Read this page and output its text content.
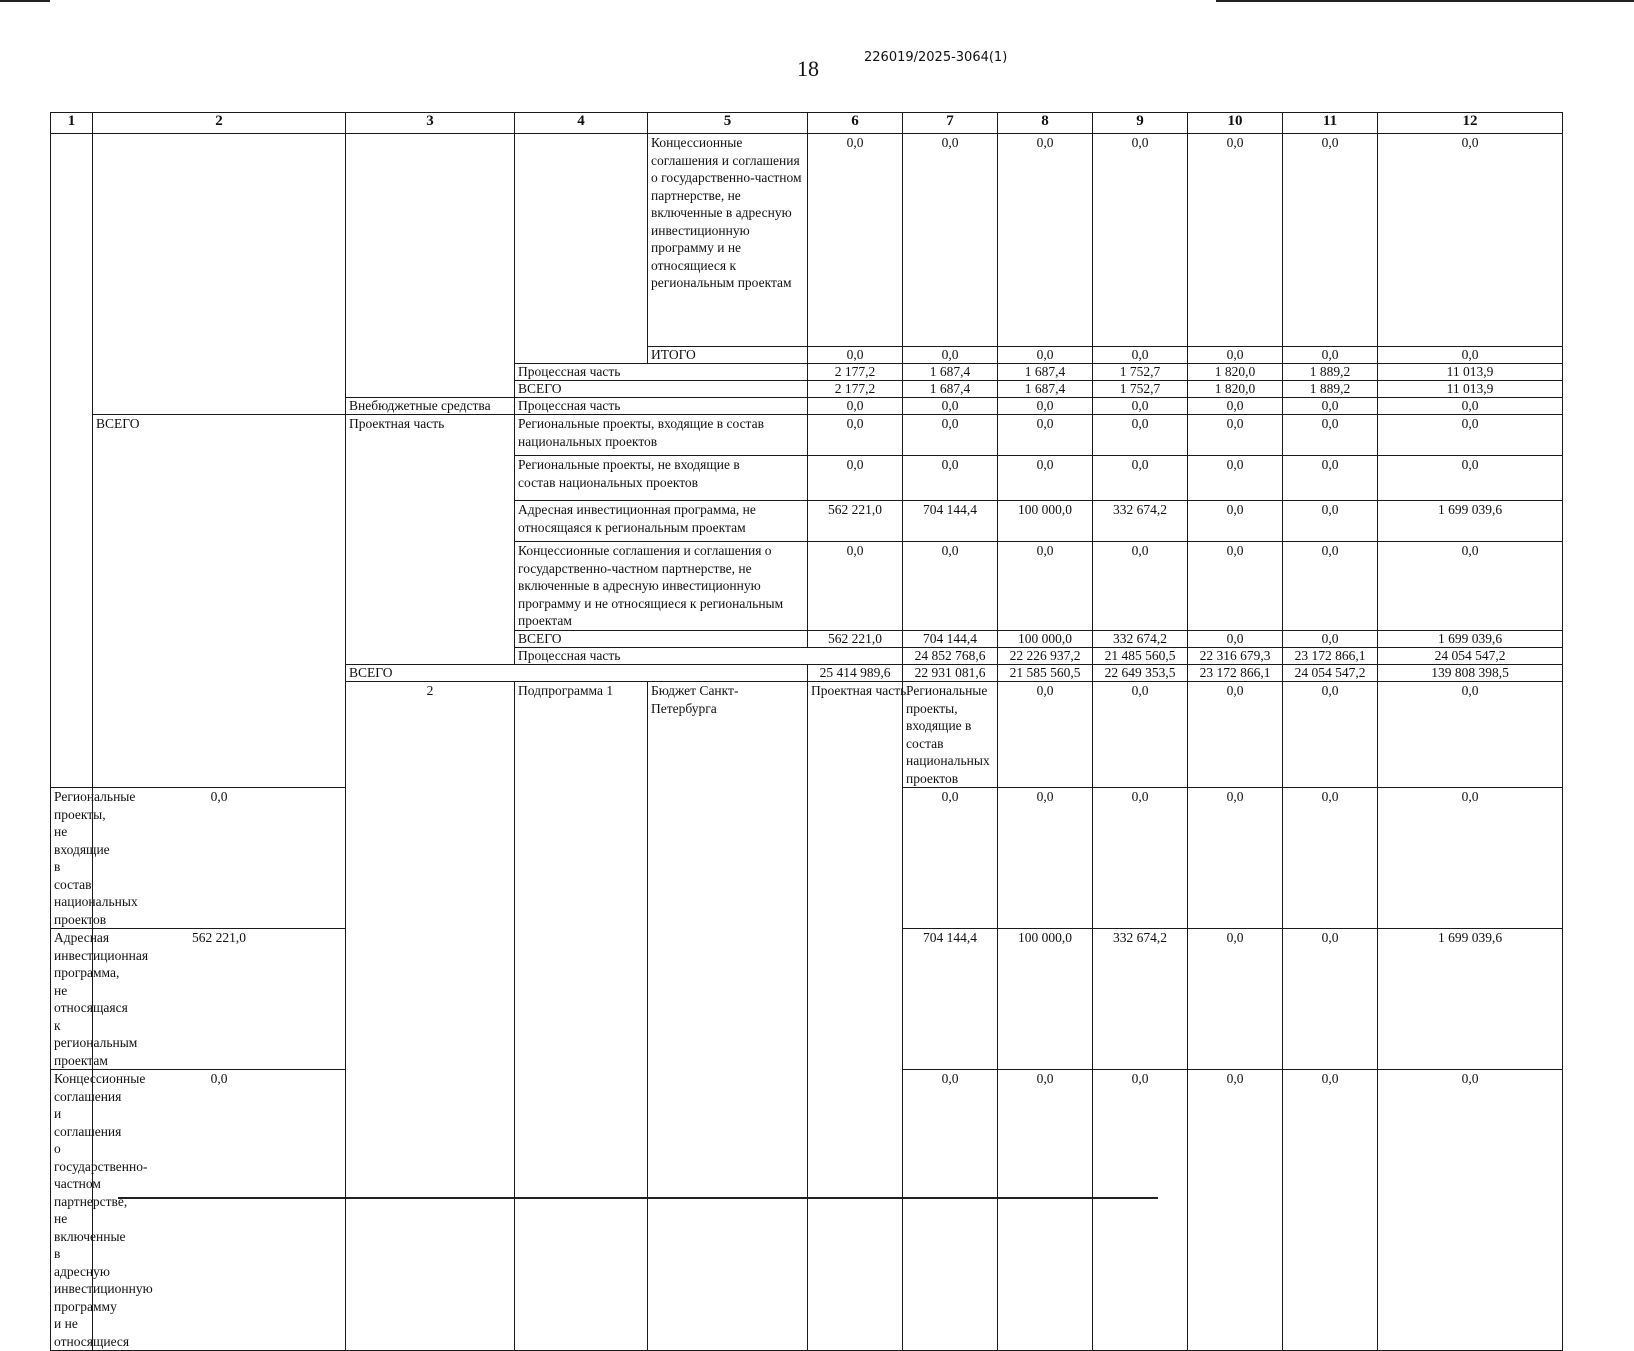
18	226019/2025-3064(1)
1	2	3	4	5	6	7	8	9	10	11	12	
				Концессионные соглашения и соглашения о государственно-частном партнерстве, не включенные в адресную инвестиционную программу и не относящиеся к региональным проектам	0,0	0,0	0,0	0,0	0,0	0,0	0,0	
				ИТОГО	0,0	0,0	0,0	0,0	0,0	0,0	0,0	
			Процессная часть		2 177,2	1 687,4	1 687,4	1 752,7	1 820,0	1 889,2	11 013,9	
			ВСЕГО		2 177,2	1 687,4	1 687,4	1 752,7	1 820,0	1 889,2	11 013,9	
		Внебюджетные средства	Процессная часть		0,0	0,0	0,0	0,0	0,0	0,0	0,0	
	ВСЕГО	Проектная часть	Региональные проекты, входящие в состав национальных проектов		0,0	0,0	0,0	0,0	0,0	0,0	0,0	
			Региональные проекты, не входящие в состав национальных проектов		0,0	0,0	0,0	0,0	0,0	0,0	0,0	
			Адресная инвестиционная программа, не относящаяся к региональным проектам		562 221,0	704 144,4	100 000,0	332 674,2	0,0	0,0	1 699 039,6	
			Концессионные соглашения и соглашения о государственно-частном партнерстве, не включенные в адресную инвестиционную программу и не относящиеся к региональным проектам		0,0	0,0	0,0	0,0	0,0	0,0	0,0	
			ВСЕГО		562 221,0	704 144,4	100 000,0	332 674,2	0,0	0,0	1 699 039,6	
			Процессная часть			24 852 768,6	22 226 937,2	21 485 560,5	22 316 679,3	23 172 866,1	24 054 547,2	
		ВСЕГО			25 414 989,6	22 931 081,6	21 585 560,5	22 649 353,5	23 172 866,1	24 054 547,2	139 808 398,5	
		2	Подпрограмма 1	Бюджет Санкт-Петербурга	Проектная часть	Региональные проекты, входящие в состав национальных проектов	0,0	0,0	0,0	0,0	0,0		
Региональные проекты, не входящие в состав национальных проектов	0,0					0,0	0,0	0,0	0,0	0,0	0,0	
Адресная инвестиционная программа, не относящаяся к региональным проектам	562 221,0					704 144,4	100 000,0	332 674,2	0,0	0,0	1 699 039,6	
Концессионные соглашения и соглашения о государственно-частном партнерстве, не включенные в адресную инвестиционную программу и не относящиеся	0,0					0,0	0,0	0,0	0,0	0,0	0,0	
